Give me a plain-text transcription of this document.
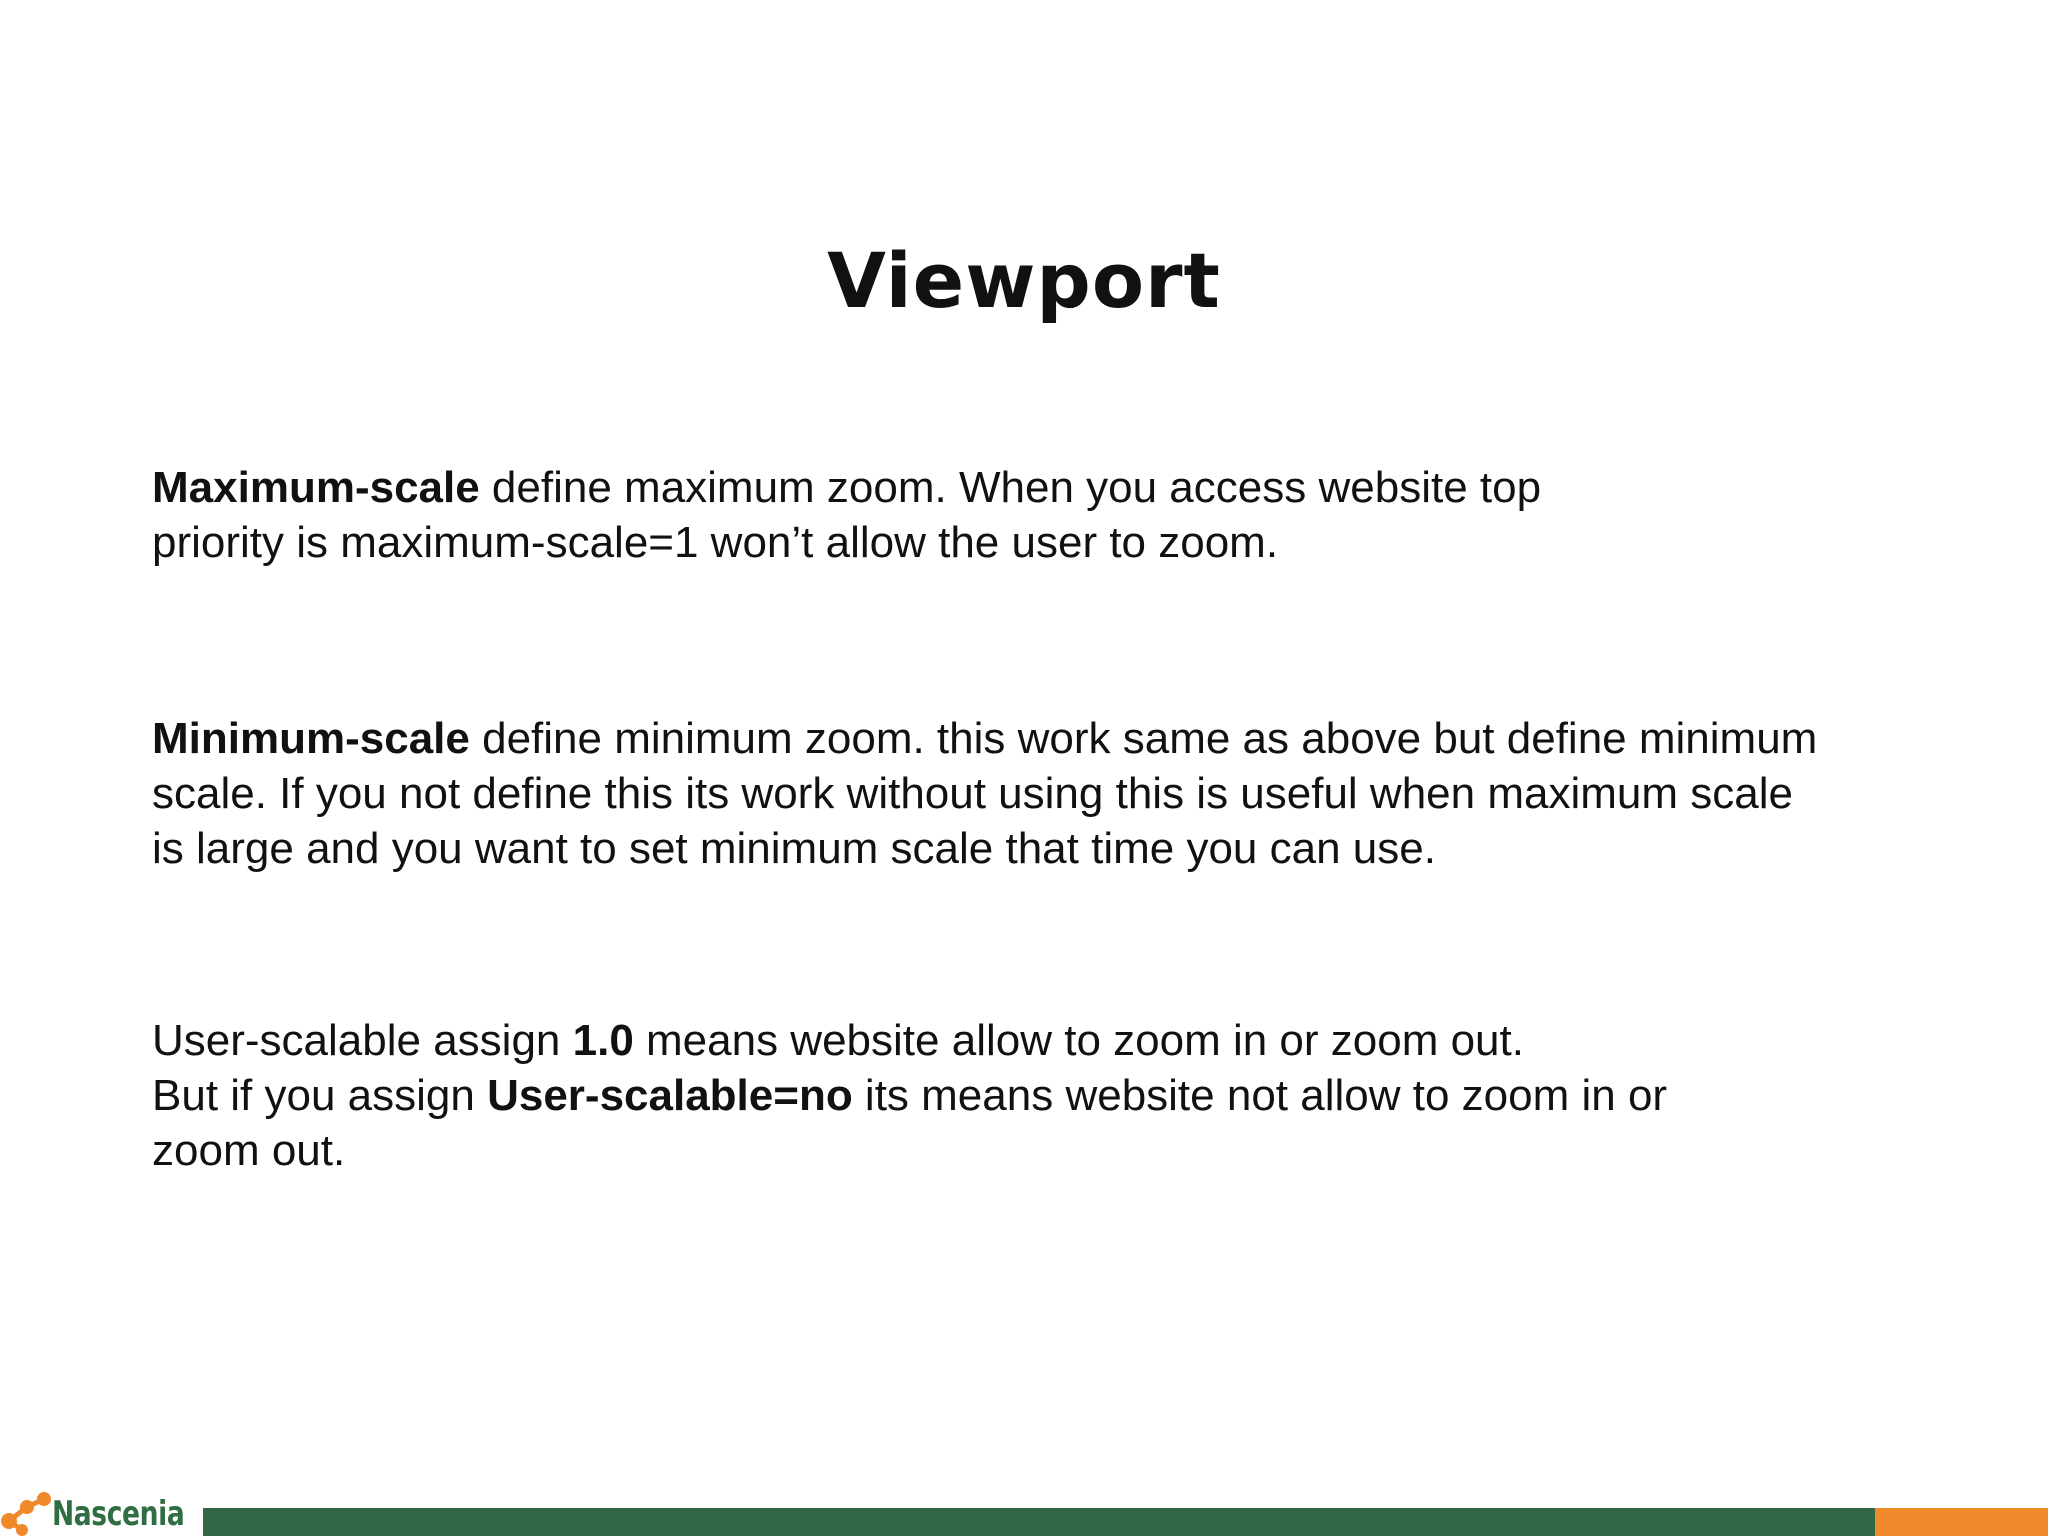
Viewport
Maximum-scale define maximum zoom. When you access website top
priority is maximum-scale=1 won’t allow the user to zoom.
Minimum-scale define minimum zoom. this work same as above but define minimum
scale. If you not define this its work without using this is useful when maximum scale
is large and you want to set minimum scale that time you can use.
User-scalable assign 1.0 means website allow to zoom in or zoom out.
But if you assign User-scalable=no its means website not allow to zoom in or
zoom out.
Nascenia
